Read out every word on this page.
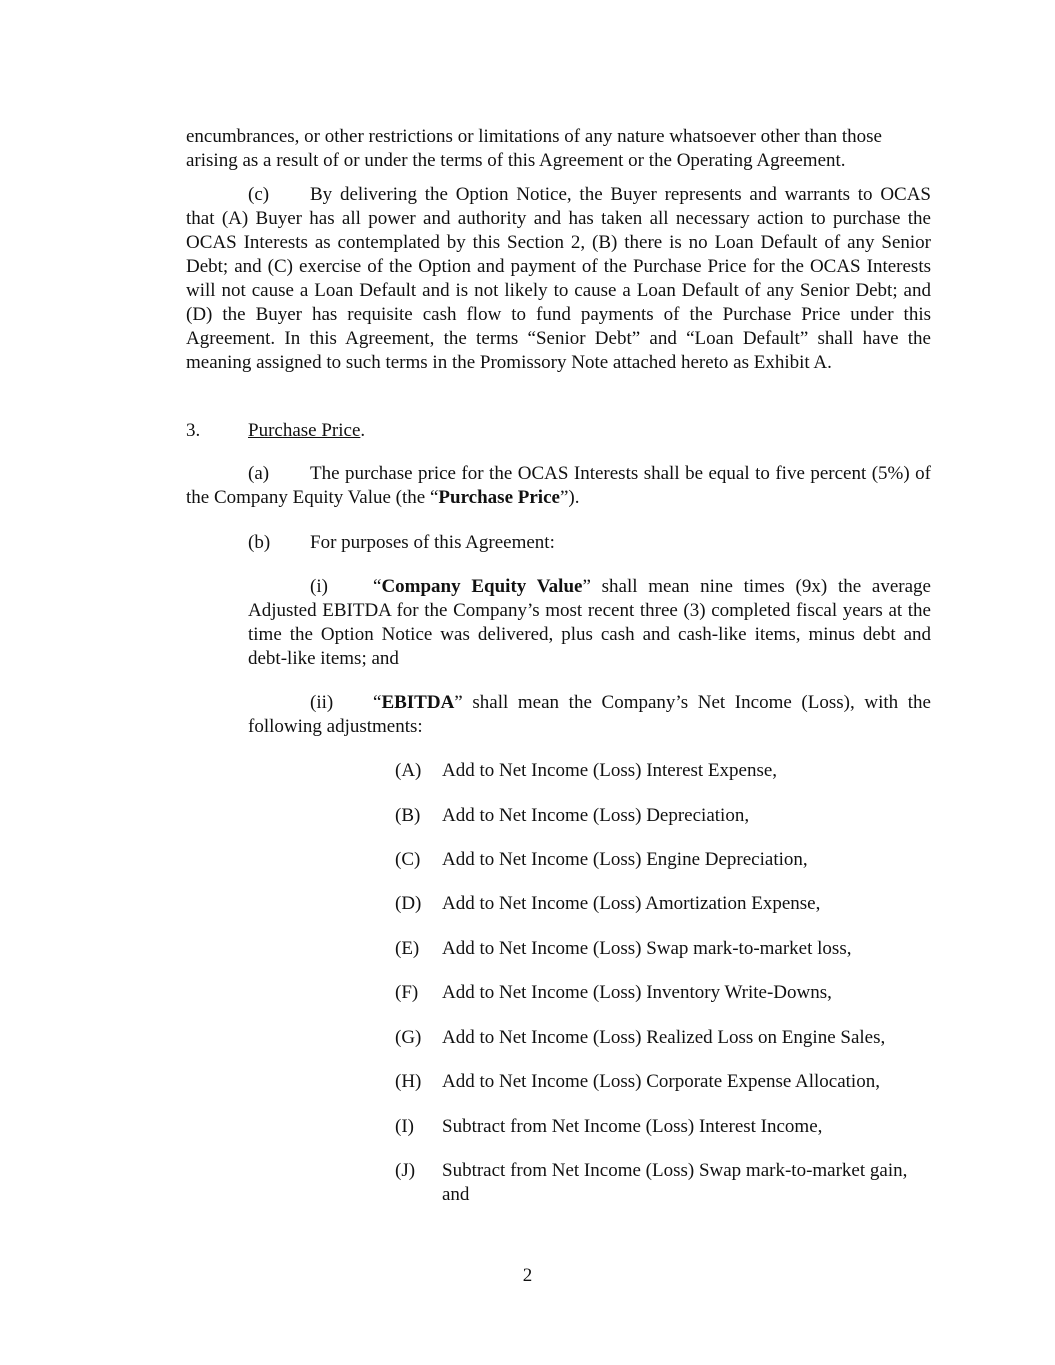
encumbrances, or other restrictions or limitations of any nature whatsoever other than those

arising as a result of or under the terms of this Agreement or the Operating Agreement.

(c) By delivering the Option Notice, the Buyer represents and warrants to OCAS that (A) Buyer has all power and authority and has taken all necessary action to purchase the OCAS Interests as contemplated by this Section 2, (B) there is no Loan Default of any Senior Debt; and (C) exercise of the Option and payment of the Purchase Price for the OCAS Interests will not cause a Loan Default and is not likely to cause a Loan Default of any Senior Debt; and (D) the Buyer has requisite cash flow to fund payments of the Purchase Price under this Agreement. In this Agreement, the terms “Senior Debt” and “Loan Default” shall have the meaning assigned to such terms in the Promissory Note attached hereto as Exhibit A.

3.	Purchase Price.

(a) The purchase price for the OCAS Interests shall be equal to five percent (5%) of the Company Equity Value (the “Purchase Price”).

(b) For purposes of this Agreement:

(i) “Company Equity Value” shall mean nine times (9x) the average Adjusted EBITDA for the Company’s most recent three (3) completed fiscal years at the time the Option Notice was delivered, plus cash and cash-like items, minus debt and debt-like items; and

(ii) “EBITDA” shall mean the Company’s Net Income (Loss), with the following adjustments:

(A) Add to Net Income (Loss) Interest Expense,
(B) Add to Net Income (Loss) Depreciation,
(C) Add to Net Income (Loss) Engine Depreciation,
(D) Add to Net Income (Loss) Amortization Expense,
(E) Add to Net Income (Loss) Swap mark-to-market loss,
(F) Add to Net Income (Loss) Inventory Write-Downs,
(G) Add to Net Income (Loss) Realized Loss on Engine Sales,
(H) Add to Net Income (Loss) Corporate Expense Allocation,
(I) Subtract from Net Income (Loss) Interest Income,
(J) Subtract from Net Income (Loss) Swap mark-to-market gain, and
2
